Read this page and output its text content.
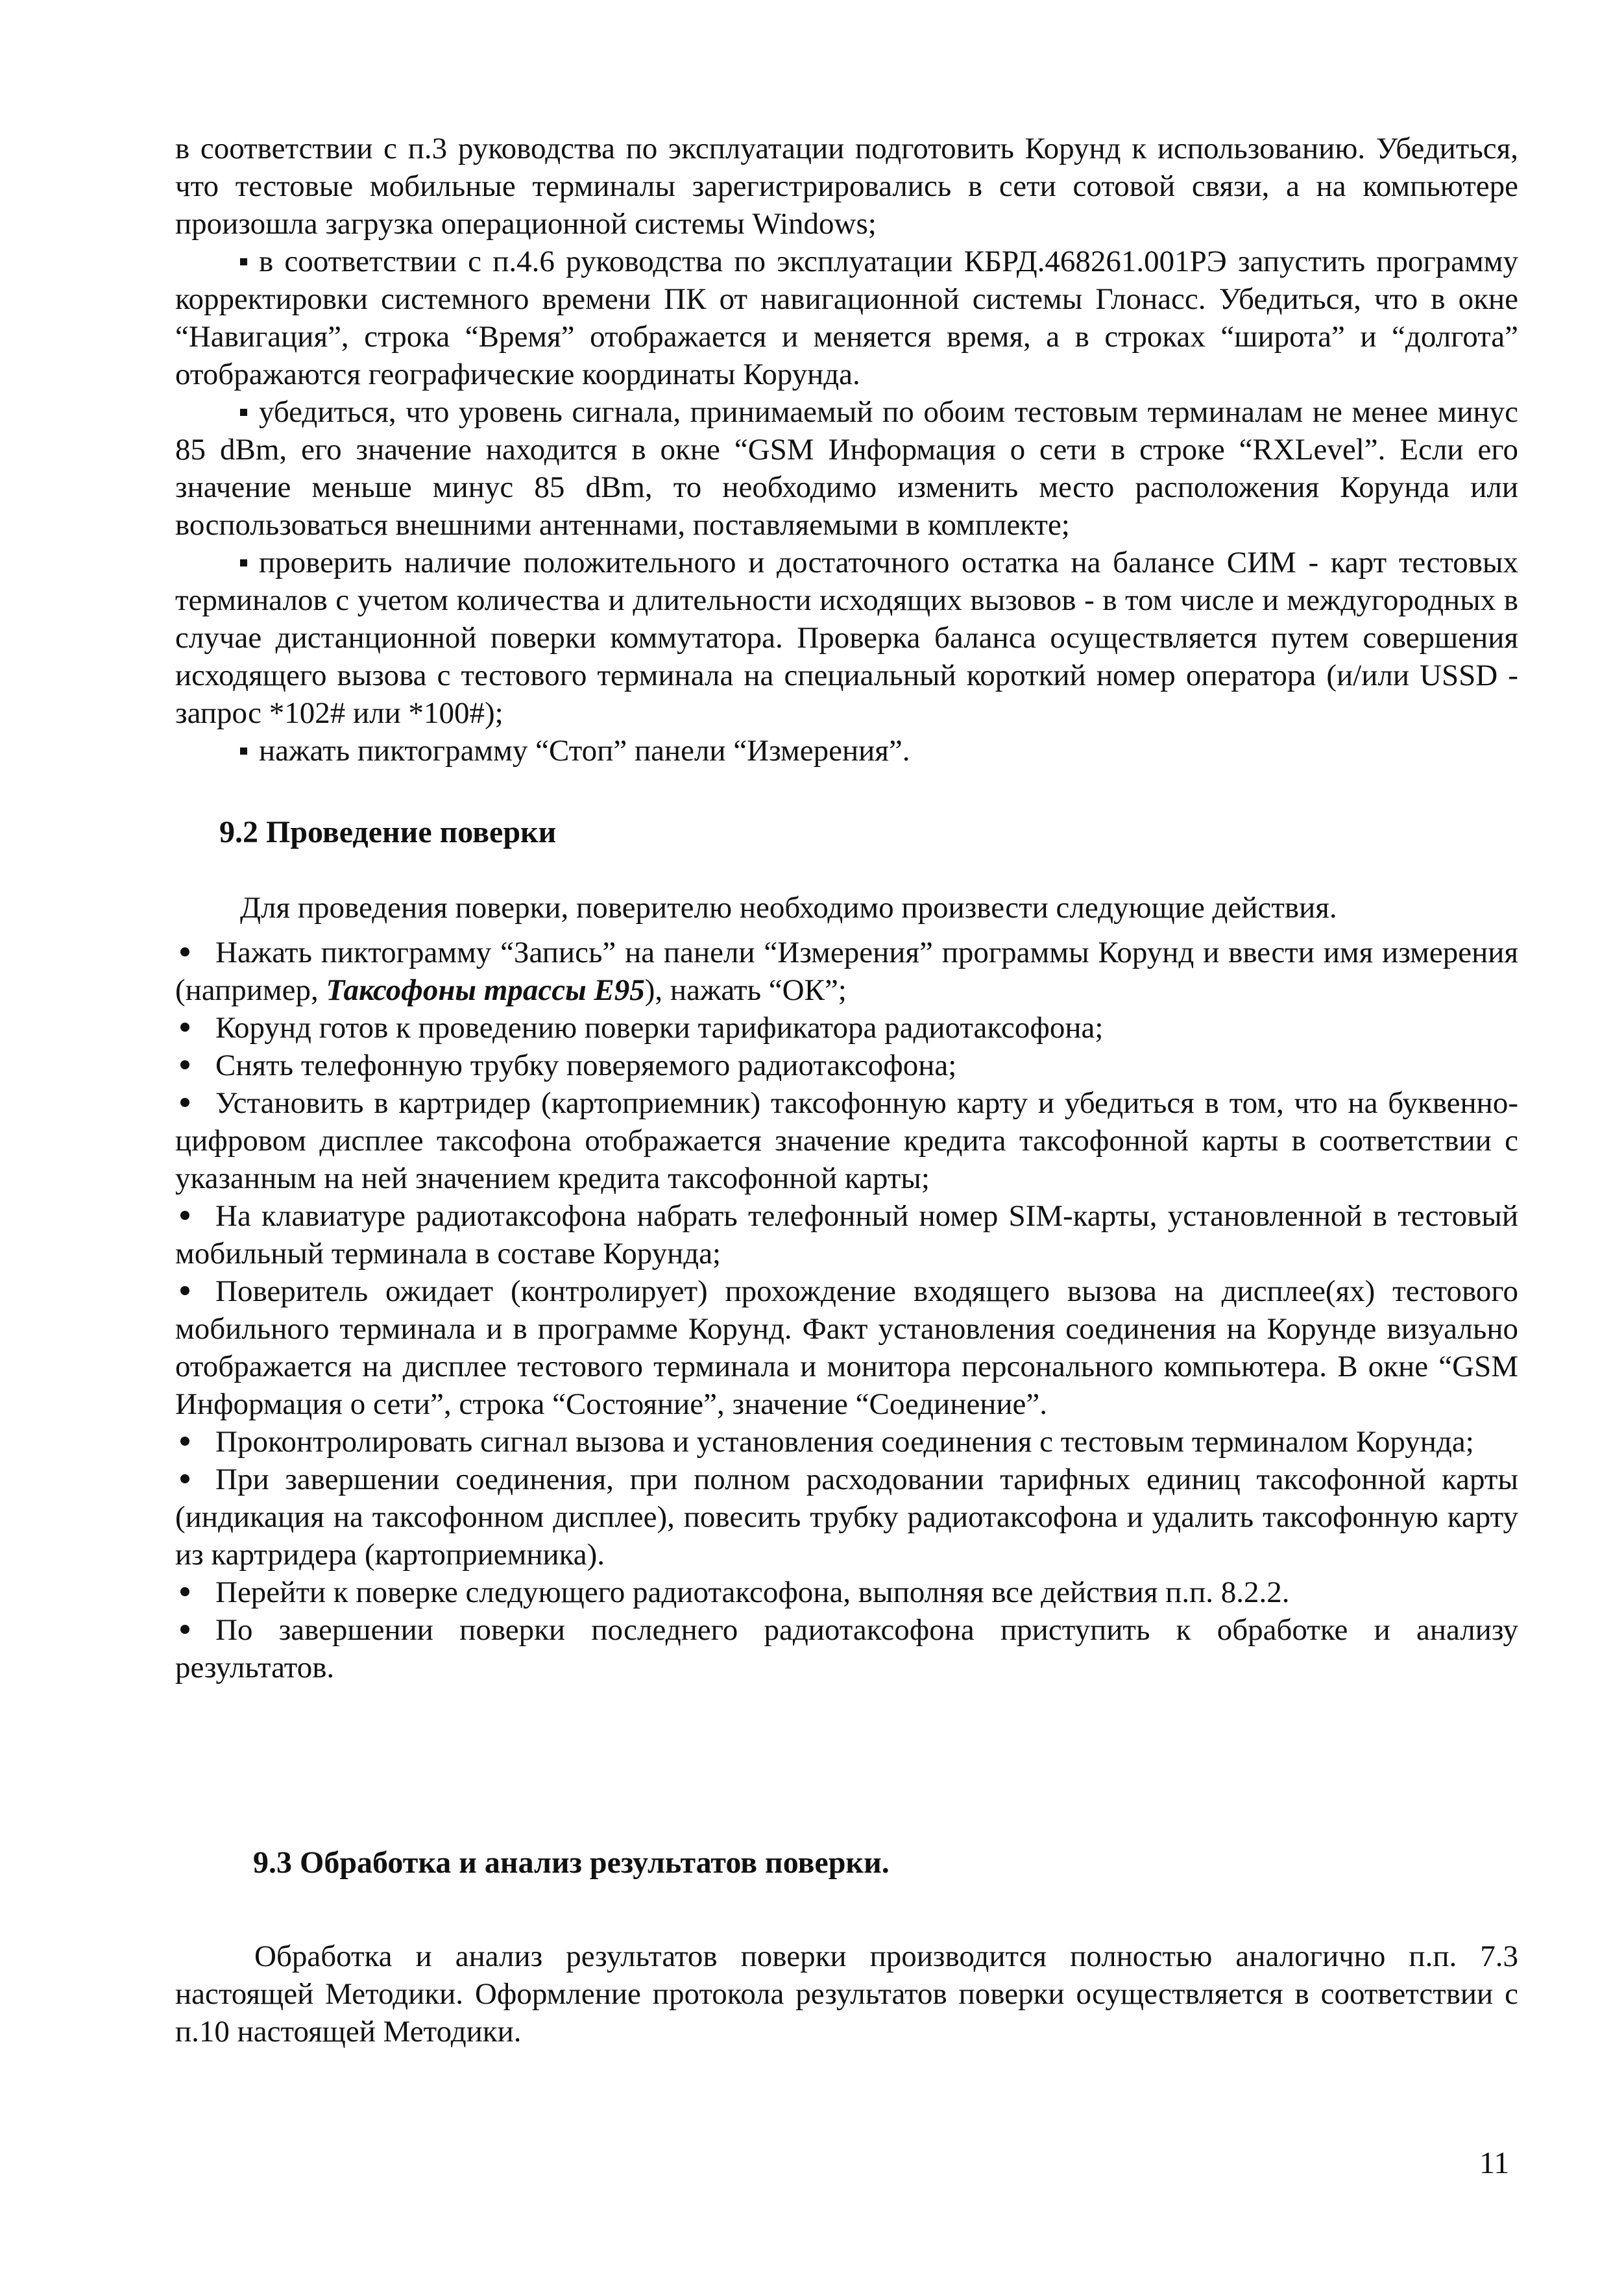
в соответствии с п.3 руководства по эксплуатации подготовить Корунд к использованию. Убедиться, что тестовые мобильные терминалы зарегистрировались в сети сотовой связи, а на компьютере произошла загрузка операционной системы Windows;

в соответствии с п.4.6 руководства по эксплуатации КБРД.468261.001РЭ запустить программу корректировки системного времени ПК от навигационной системы Глонасс. Убедиться, что в окне “Навигация”, строка “Время” отображается и меняется время, а в строках “широта” и “долгота” отображаются географические координаты Корунда.

убедиться, что уровень сигнала, принимаемый по обоим тестовым терминалам не менее минус 85 dBm, его значение находится в окне “GSM Информация о сети в строке “RXLevel”. Если его значение меньше минус 85 dBm, то необходимо изменить место расположения Корунда или воспользоваться внешними антеннами, поставляемыми в комплекте;

проверить наличие положительного и достаточного остатка на балансе СИМ - карт тестовых терминалов с учетом количества и длительности исходящих вызовов - в том числе и междугородных в случае дистанционной поверки коммутатора. Проверка баланса осуществляется путем совершения исходящего вызова с тестового терминала на специальный короткий номер оператора (и/или USSD - запрос *102# или *100#);

нажать пиктограмму “Стоп” панели “Измерения”.

9.2 Проведение поверки

Для проведения поверки, поверителю необходимо произвести следующие действия.

Нажать пиктограмму “Запись” на панели “Измерения” программы Корунд и ввести имя измерения (например, Таксофоны трассы Е95), нажать “ОК”;

Корунд готов к проведению поверки тарификатора радиотаксофона;

Снять телефонную трубку поверяемого радиотаксофона;

Установить в картридер (картоприемник) таксофонную карту и убедиться в том, что на буквенно-цифровом дисплее таксофона отображается значение кредита таксофонной карты в соответствии с указанным на ней значением кредита таксофонной карты;

На клавиатуре радиотаксофона набрать телефонный номер SIM-карты, установленной в тестовый мобильный терминала в составе Корунда;

Поверитель ожидает (контролирует) прохождение входящего вызова на дисплее(ях) тестового мобильного терминала и в программе Корунд. Факт установления соединения на Корунде визуально отображается на дисплее тестового терминала и монитора персонального компьютера. В окне “GSM Информация о сети”, строка “Состояние”, значение “Соединение”.

Проконтролировать сигнал вызова и установления соединения с тестовым терминалом Корунда;

При завершении соединения, при полном расходовании тарифных единиц таксофонной карты (индикация на таксофонном дисплее), повесить трубку радиотаксофона и удалить таксофонную карту из картридера (картоприемника).

Перейти к поверке следующего радиотаксофона, выполняя все действия п.п. 8.2.2.

По завершении поверки последнего радиотаксофона приступить к обработке и анализу результатов.

9.3 Обработка и анализ результатов поверки.

Обработка и анализ результатов поверки производится полностью аналогично п.п. 7.3 настоящей Методики. Оформление протокола результатов поверки осуществляется в соответствии с п.10 настоящей Методики.

11
